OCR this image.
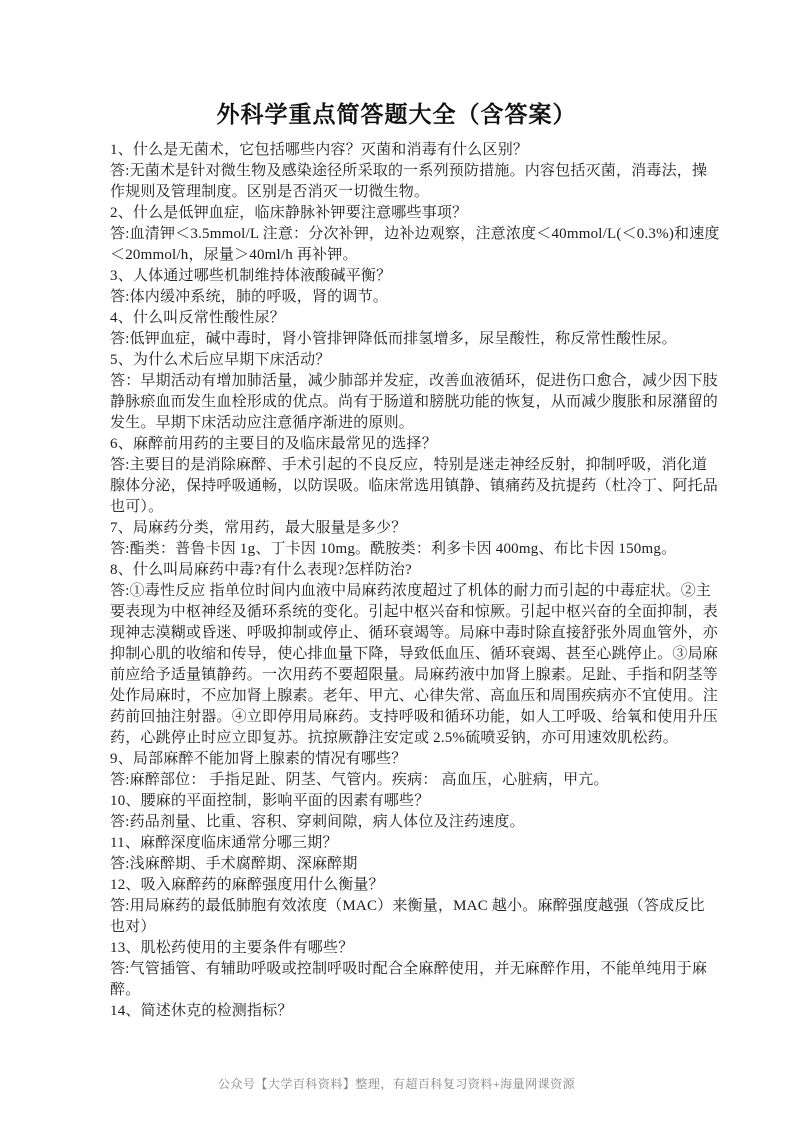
外科学重点简答题大全（含答案）

1、什么是无菌术，它包括哪些内容？灭菌和消毒有什么区别？

答:无菌术是针对微生物及感染途径所采取的一系列预防措施。内容包括灭菌，消毒法，操

作规则及管理制度。区别是否消灭一切微生物。

2、什么是低钾血症，临床静脉补钾要注意哪些事项？

答:血清钾＜3.5mmol/L 注意：分次补钾，边补边观察，注意浓度＜40mmol/L(＜0.3%)和速度

＜20mmol/h，尿量＞40ml/h 再补钾。

3、人体通过哪些机制维持体液酸碱平衡？

答:体内缓冲系统，肺的呼吸，肾的调节。

4、什么叫反常性酸性尿？

答:低钾血症，碱中毒时，肾小管排钾降低而排氢增多，尿呈酸性，称反常性酸性尿。

5、为什么术后应早期下床活动？

答：早期活动有增加肺活量，减少肺部并发症，改善血液循环，促进伤口愈合，减少因下肢

静脉瘀血而发生血栓形成的优点。尚有于肠道和膀胱功能的恢复，从而减少腹胀和尿潴留的

发生。早期下床活动应注意循序渐进的原则。

6、麻醉前用药的主要目的及临床最常见的选择？

答:主要目的是消除麻醉、手术引起的不良反应，特别是迷走神经反射，抑制呼吸，消化道

腺体分泌，保持呼吸通畅，以防误吸。临床常选用镇静、镇痛药及抗提药（杜冷丁、阿托品

也可）。

7、局麻药分类，常用药，最大服量是多少？

答:酯类：普鲁卡因 1g、丁卡因 10mg。酰胺类：利多卡因 400mg、布比卡因 150mg。

8、什么叫局麻药中毒?有什么表现?怎样防治?

答:①毒性反应 指单位时间内血液中局麻药浓度超过了机体的耐力而引起的中毒症状。②主

要表现为中枢神经及循环系统的变化。引起中枢兴奋和惊厥。引起中枢兴奋的全面抑制，表

现神志漠糊或昏迷、呼吸抑制或停止、循环衰竭等。局麻中毒时除直接舒张外周血管外，亦

抑制心肌的收缩和传导，使心排血量下降，导致低血压、循环衰竭、甚至心跳停止。③局麻

前应给予适量镇静药。一次用药不要超限量。局麻药液中加肾上腺素。足趾、手指和阴茎等

处作局麻时，不应加肾上腺素。老年、甲亢、心律失常、高血压和周围疾病亦不宜使用。注

药前回抽注射器。④立即停用局麻药。支持呼吸和循环功能，如人工呼吸、给氧和使用升压

药，心跳停止时应立即复苏。抗掠厥静注安定或 2.5%硫喷妥钠，亦可用速效肌松药。

9、局部麻醉不能加肾上腺素的情况有哪些？

答:麻醉部位： 手指足趾、阴茎、气管内。疾病： 高血压，心脏病，甲亢。

10、腰麻的平面控制，影响平面的因素有哪些？

答:药品剂量、比重、容积、穿刺间隙，病人体位及注药速度。

11、麻醉深度临床通常分哪三期？

答:浅麻醉期、手术腐醉期、深麻醉期

12、吸入麻醉药的麻醉强度用什么衡量？

答:用局麻药的最低肺胞有效浓度（MAC）来衡量，MAC 越小。麻醉强度越强（答成反比

也对）

13、肌松药使用的主要条件有哪些？

答:气管插管、有辅助呼吸或控制呼吸时配合全麻醉使用，并无麻醉作用，不能单纯用于麻

醉。

14、简述休克的检测指标？

公众号【大学百科资料】整理，有超百科复习资料+海量网课资源
